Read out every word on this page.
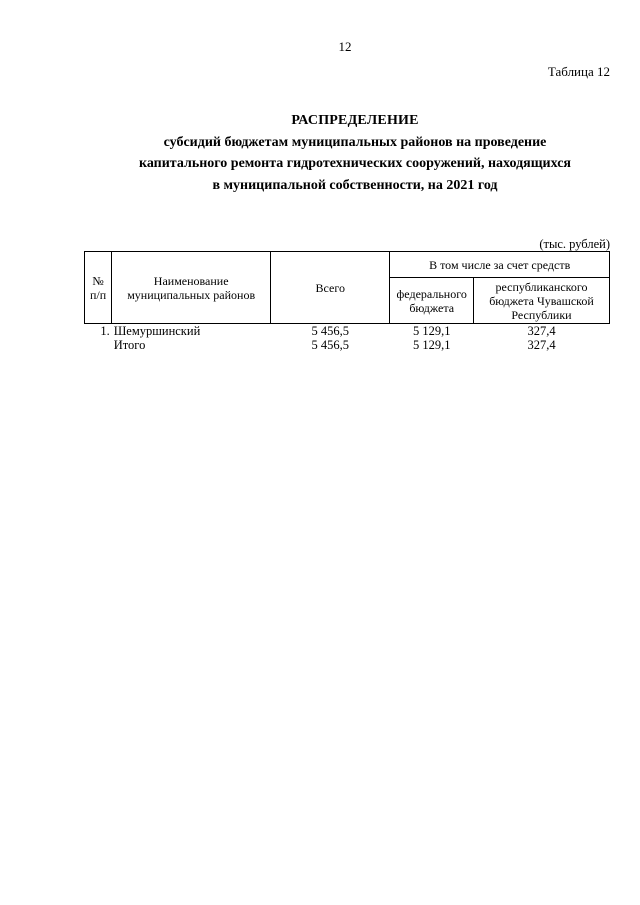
12
Таблица 12
РАСПРЕДЕЛЕНИЕ
субсидий бюджетам муниципальных районов на проведение
капитального ремонта гидротехнических сооружений, находящихся
в муниципальной собственности, на 2021 год
(тыс. рублей)
№ п/п	Наименование муниципальных районов	Всего	В том числе за счет средств	
			федерального бюджета	республиканского бюджета Чувашской Республики
1.	Шемуршинский	5 456,5	5 129,1	327,4
	Итого	5 456,5	5 129,1	327,4
